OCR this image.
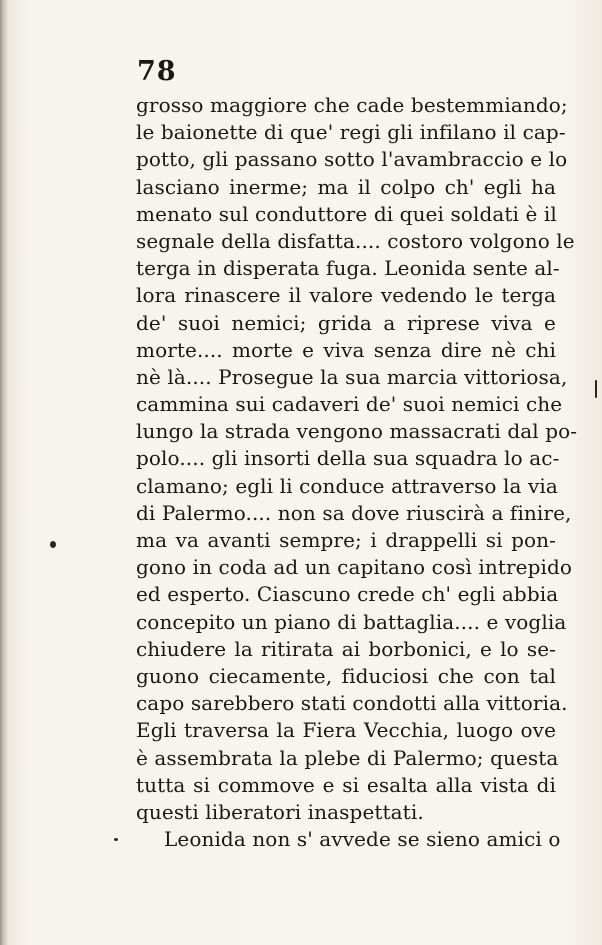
78
grosso maggiore che cade bestemmiando;
le baionette di que' regi gli infilano il cap-
potto, gli passano sotto l'avambraccio e lo
lasciano inerme; ma il colpo ch' egli ha
menato sul conduttore di quei soldati è il
segnale della disfatta.... costoro volgono le
terga in disperata fuga. Leonida sente al-
lora rinascere il valore vedendo le terga
de' suoi nemici; grida a riprese viva e
morte.... morte e viva senza dire nè chi
nè là.... Prosegue la sua marcia vittoriosa,
cammina sui cadaveri de' suoi nemici che
lungo la strada vengono massacrati dal po-
polo.... gli insorti della sua squadra lo ac-
clamano; egli li conduce attraverso la via
di Palermo.... non sa dove riuscirà a finire,
ma va avanti sempre; i drappelli si pon-
gono in coda ad un capitano così intrepido
ed esperto. Ciascuno crede ch' egli abbia
concepito un piano di battaglia.... e voglia
chiudere la ritirata ai borbonici, e lo se-
guono ciecamente, fiduciosi che con tal
capo sarebbero stati condotti alla vittoria.
Egli traversa la Fiera Vecchia, luogo ove
è assembrata la plebe di Palermo; questa
tutta si commove e si esalta alla vista di
questi liberatori inaspettati.
Leonida non s' avvede se sieno amici o
